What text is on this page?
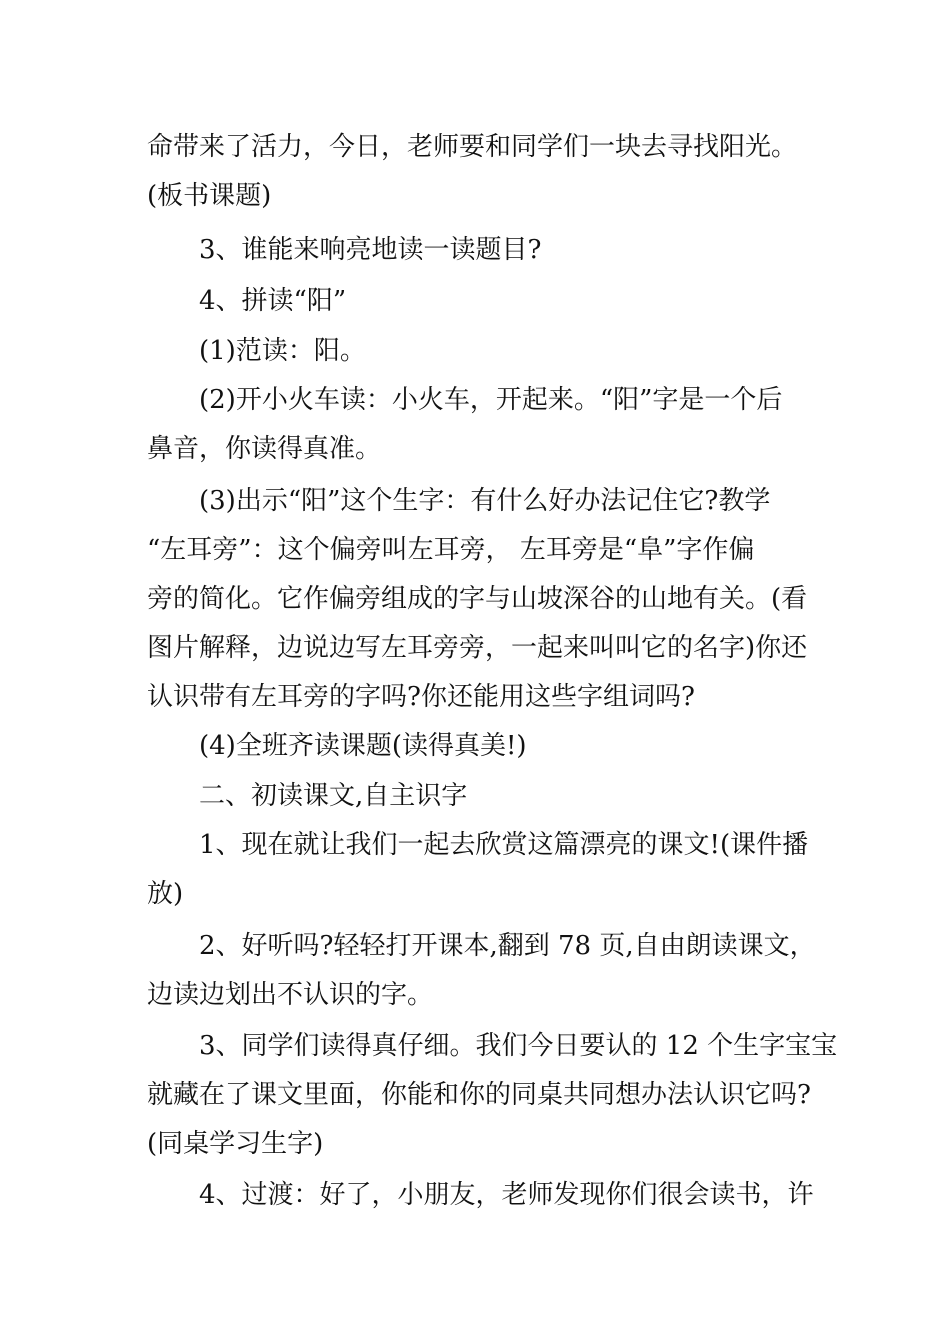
命带来了活力，今日，老师要和同学们一块去寻找阳光。
(板书课题)
3、谁能来响亮地读一读题目?
4、拼读“阳”
(1)范读：阳。
(2)开小火车读：小火车，开起来。“阳”字是一个后
鼻音，你读得真准。
(3)出示“阳”这个生字：有什么好办法记住它?教学
“左耳旁”：这个偏旁叫左耳旁， 左耳旁是“阜”字作偏
旁的简化。它作偏旁组成的字与山坡深谷的山地有关。(看
图片解释，边说边写左耳旁旁，一起来叫叫它的名字)你还
认识带有左耳旁的字吗?你还能用这些字组词吗?
(4)全班齐读课题(读得真美!)
二、初读课文,自主识字
1、现在就让我们一起去欣赏这篇漂亮的课文!(课件播
放)
2、好听吗?轻轻打开课本,翻到 78 页,自由朗读课文，
边读边划出不认识的字。
3、同学们读得真仔细。我们今日要认的 12 个生字宝宝
就藏在了课文里面，你能和你的同桌共同想办法认识它吗?
(同桌学习生字)
4、过渡：好了，小朋友，老师发现你们很会读书，许
